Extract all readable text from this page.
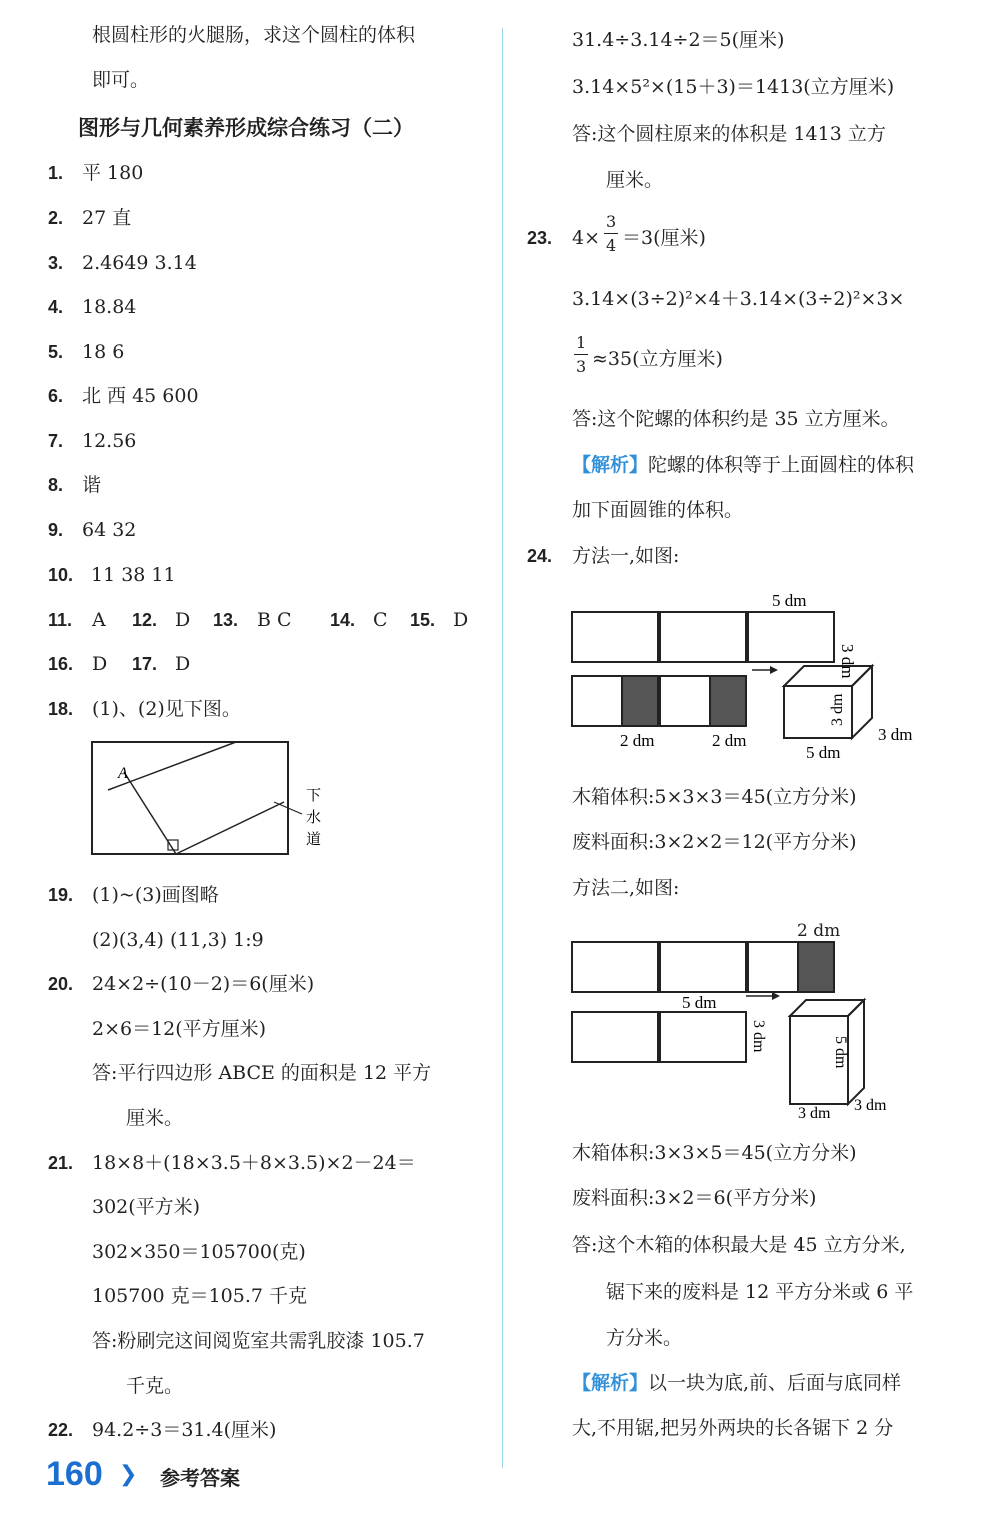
根圆柱形的火腿肠，求这个圆柱的体积
即可。
图形与几何素养形成综合练习（二）
1. 平 180
2. 27 直
3. 2.4649 3.14
4. 18.84
5. 18 6
6. 北 西 45 600
7. 12.56
8. 谐
9. 64 32
10. 11 38 11
11. A 12. D 13. B C 14. C 15. D
16. D 17. D
18. (1)、(2)见下图。
A
下
水
道
19. (1)~(3)画图略
(2)(3,4) (11,3) 1:9
20. 24×2÷(10－2)＝6(厘米)
2×6＝12(平方厘米)
答:平行四边形 ABCE 的面积是 12 平方
厘米。
21. 18×8＋(18×3.5＋8×3.5)×2－24＝
302(平方米)
302×350＝105700(克)
105700 克＝105.7 千克
答:粉刷完这间阅览室共需乳胶漆 105.7
千克。
22. 94.2÷3＝31.4(厘米)
31.4÷3.14÷2＝5(厘米)
3.14×5²×(15＋3)＝1413(立方厘米)
答:这个圆柱原来的体积是 1413 立方
厘米。
23. 4×
3
4 ＝3(厘米)
3.14×(3÷2)²×4＋3.14×(3÷2)²×3×
1
3 ≈35(立方厘米)
答:这个陀螺的体积约是 35 立方厘米。
【解析】陀螺的体积等于上面圆柱的体积
加下面圆锥的体积。
24. 方法一,如图:
5 dm
3 dm
2 dm	2 dm
3 dm
3 dm
5 dm
木箱体积:5×3×3＝45(立方分米)
废料面积:3×2×2＝12(平方分米)
方法二,如图:
2 dm
5 dm
3 dm	5 dm
3 dm 3 dm
木箱体积:3×3×5＝45(立方分米)
废料面积:3×2＝6(平方分米)
答:这个木箱的体积最大是 45 立方分米,
锯下来的废料是 12 平方分米或 6 平
方分米。
【解析】以一块为底,前、后面与底同样
大,不用锯,把另外两块的长各锯下 2 分
160 ❯ 参考答案
